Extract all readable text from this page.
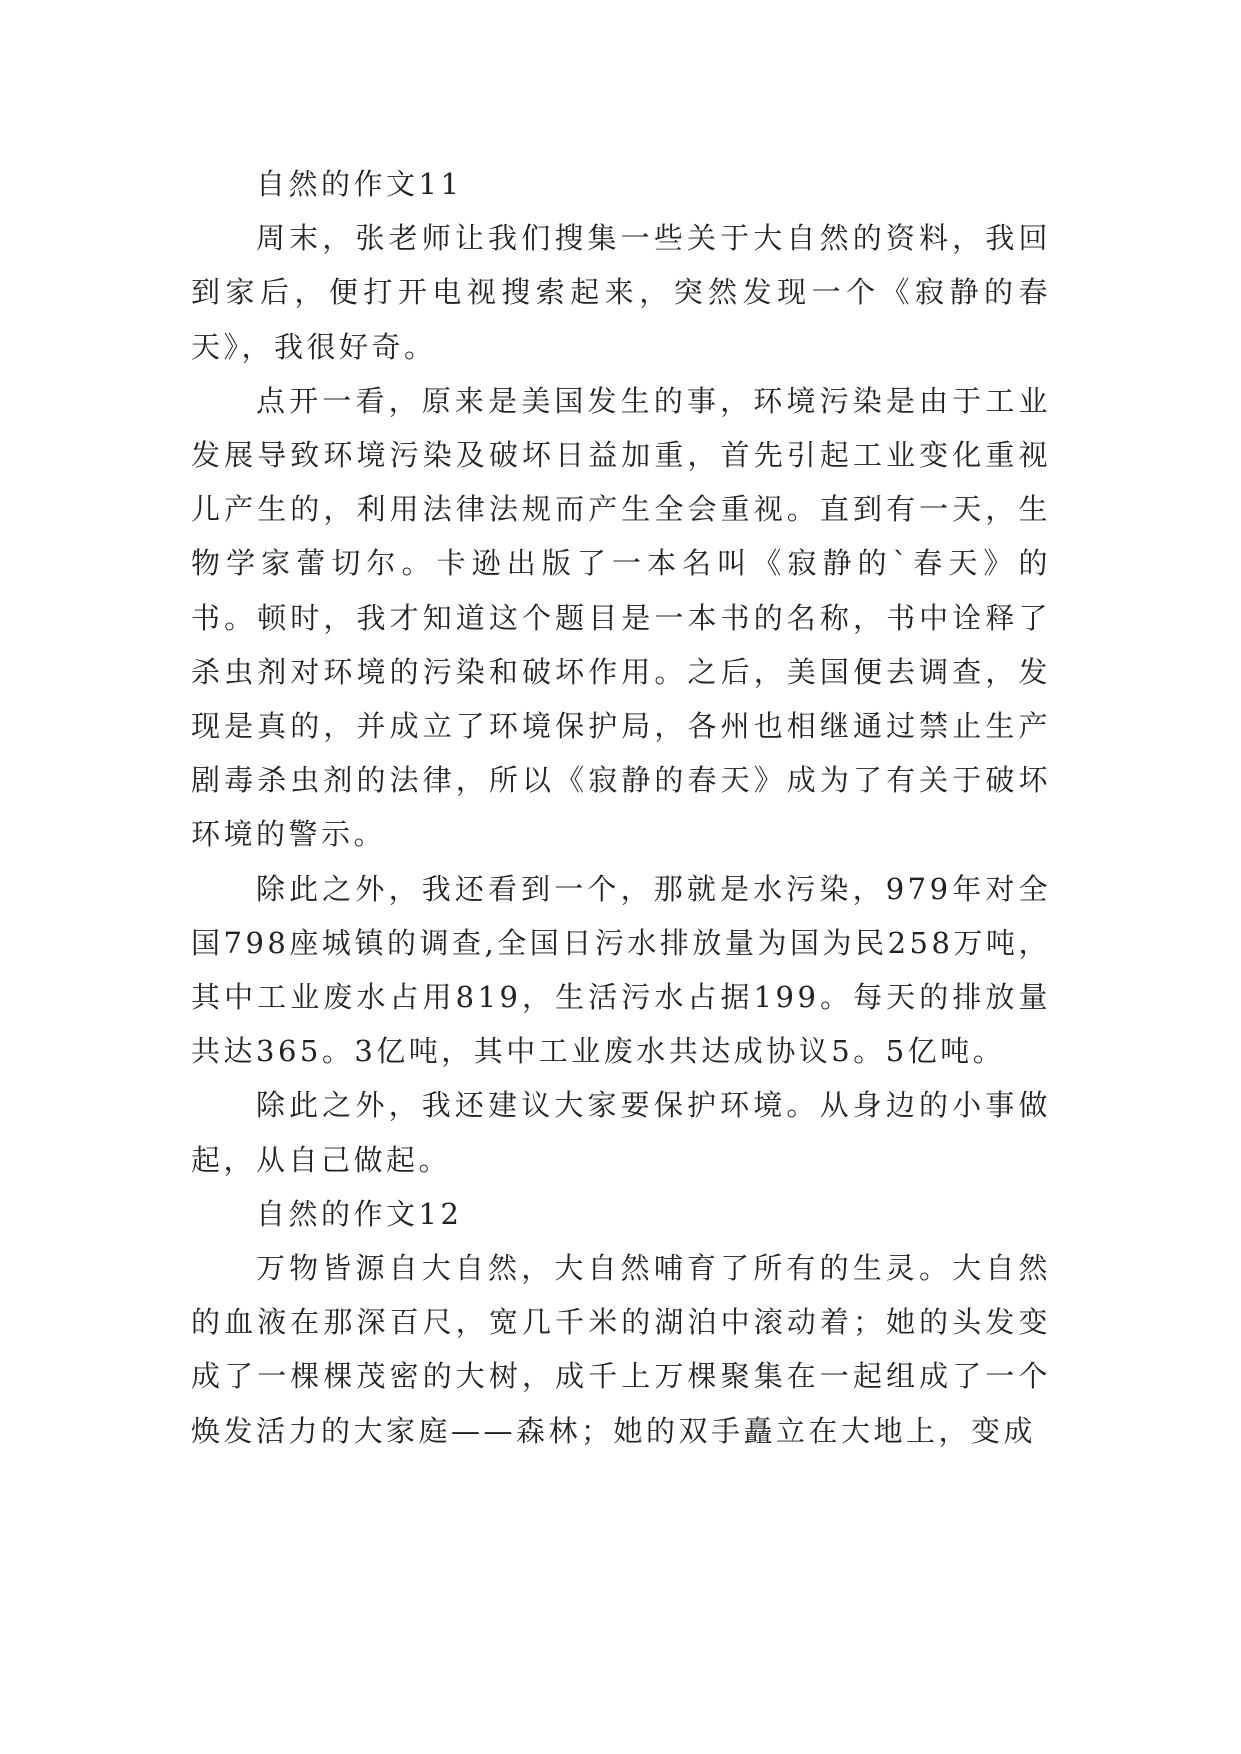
自然的作文11

周末，张老师让我们搜集一些关于大自然的资料，我回到家后，便打开电视搜索起来，突然发现一个《寂静的春天》，我很好奇。

点开一看，原来是美国发生的事，环境污染是由于工业发展导致环境污染及破坏日益加重，首先引起工业变化重视儿产生的，利用法律法规而产生全会重视。直到有一天，生物学家蕾切尔。卡逊出版了一本名叫《寂静的`春天》的书。顿时，我才知道这个题目是一本书的名称，书中诠释了杀虫剂对环境的污染和破坏作用。之后，美国便去调查，发现是真的，并成立了环境保护局，各州也相继通过禁止生产剧毒杀虫剂的法律，所以《寂静的春天》成为了有关于破坏环境的警示。

除此之外，我还看到一个，那就是水污染，979年对全国798座城镇的调查,全国日污水排放量为国为民258万吨，其中工业废水占用819，生活污水占据199。每天的排放量共达365。3亿吨，其中工业废水共达成协议5。5亿吨。

除此之外，我还建议大家要保护环境。从身边的小事做起，从自己做起。

自然的作文12

万物皆源自大自然，大自然哺育了所有的生灵。大自然的血液在那深百尺，宽几千米的湖泊中滚动着；她的头发变成了一棵棵茂密的大树，成千上万棵聚集在一起组成了一个焕发活力的大家庭——森林；她的双手矗立在大地上，变成
